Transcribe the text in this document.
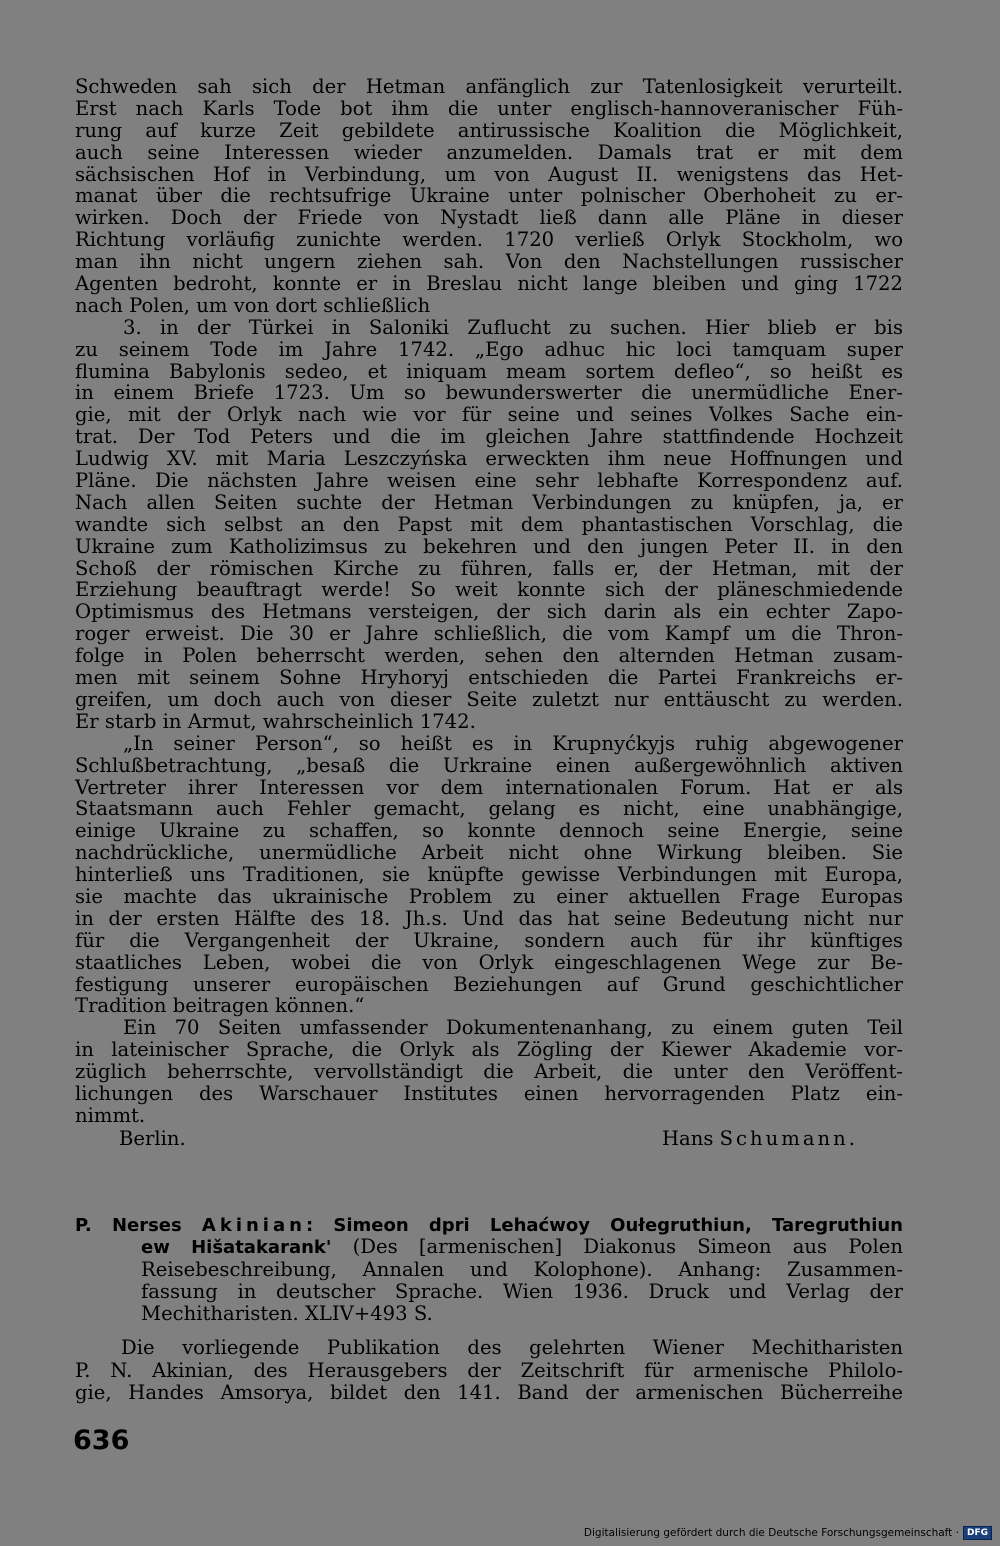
Schweden sah sich der Hetman anfänglich zur Tatenlosigkeit verurteilt.
Erst nach Karls Tode bot ihm die unter englisch-hannoveranischer Füh-
rung auf kurze Zeit gebildete antirussische Koalition die Möglichkeit,
auch seine Interessen wieder anzumelden. Damals trat er mit dem
sächsischen Hof in Verbindung, um von August II. wenigstens das Het-
manat über die rechtsufrige Ukraine unter polnischer Oberhoheit zu er-
wirken. Doch der Friede von Nystadt ließ dann alle Pläne in dieser
Richtung vorläufig zunichte werden. 1720 verließ Orlyk Stockholm, wo
man ihn nicht ungern ziehen sah. Von den Nachstellungen russischer
Agenten bedroht, konnte er in Breslau nicht lange bleiben und ging 1722
nach Polen, um von dort schließlich
3. in der Türkei in Saloniki Zuflucht zu suchen. Hier blieb er bis
zu seinem Tode im Jahre 1742. „Ego adhuc hic loci tamquam super
flumina Babylonis sedeo, et iniquam meam sortem defleo“, so heißt es
in einem Briefe 1723. Um so bewunderswerter die unermüdliche Ener-
gie, mit der Orlyk nach wie vor für seine und seines Volkes Sache ein-
trat. Der Tod Peters und die im gleichen Jahre stattfindende Hochzeit
Ludwig XV. mit Maria Leszczyńska erweckten ihm neue Hoffnungen und
Pläne. Die nächsten Jahre weisen eine sehr lebhafte Korrespondenz auf.
Nach allen Seiten suchte der Hetman Verbindungen zu knüpfen, ja, er
wandte sich selbst an den Papst mit dem phantastischen Vorschlag, die
Ukraine zum Katholizimsus zu bekehren und den jungen Peter II. in den
Schoß der römischen Kirche zu führen, falls er, der Hetman, mit der
Erziehung beauftragt werde! So weit konnte sich der pläneschmiedende
Optimismus des Hetmans versteigen, der sich darin als ein echter Zapo-
roger erweist. Die 30 er Jahre schließlich, die vom Kampf um die Thron-
folge in Polen beherrscht werden, sehen den alternden Hetman zusam-
men mit seinem Sohne Hryhoryj entschieden die Partei Frankreichs er-
greifen, um doch auch von dieser Seite zuletzt nur enttäuscht zu werden.
Er starb in Armut, wahrscheinlich 1742.
„In seiner Person“, so heißt es in Krupnyćkyjs ruhig abgewogener
Schlußbetrachtung, „besaß die Urkraine einen außergewöhnlich aktiven
Vertreter ihrer Interessen vor dem internationalen Forum. Hat er als
Staatsmann auch Fehler gemacht, gelang es nicht, eine unabhängige,
einige Ukraine zu schaffen, so konnte dennoch seine Energie, seine
nachdrückliche, unermüdliche Arbeit nicht ohne Wirkung bleiben. Sie
hinterließ uns Traditionen, sie knüpfte gewisse Verbindungen mit Europa,
sie machte das ukrainische Problem zu einer aktuellen Frage Europas
in der ersten Hälfte des 18. Jh.s. Und das hat seine Bedeutung nicht nur
für die Vergangenheit der Ukraine, sondern auch für ihr künftiges
staatliches Leben, wobei die von Orlyk eingeschlagenen Wege zur Be-
festigung unserer europäischen Beziehungen auf Grund geschichtlicher
Tradition beitragen können.“
Ein 70 Seiten umfassender Dokumentenanhang, zu einem guten Teil
in lateinischer Sprache, die Orlyk als Zögling der Kiewer Akademie vor-
züglich beherrschte, vervollständigt die Arbeit, die unter den Veröffent-
lichungen des Warschauer Institutes einen hervorragenden Platz ein-
nimmt.
Berlin.	Hans Schumann.
P. Nerses Akinian: Simeon dpri Lehaćwoy Oułegruthiun, Taregruthiun
ew Hišatakarank' (Des [armenischen] Diakonus Simeon aus Polen
Reisebeschreibung, Annalen und Kolophone). Anhang: Zusammen-
fassung in deutscher Sprache. Wien 1936. Druck und Verlag der
Mechitharisten. XLIV+493 S.
Die vorliegende Publikation des gelehrten Wiener Mechitharisten
P. N. Akinian, des Herausgebers der Zeitschrift für armenische Philolo-
gie, Handes Amsorya, bildet den 141. Band der armenischen Bücherreihe
636
Digitalisierung gefördert durch die Deutsche Forschungsgemeinschaft · DFG
